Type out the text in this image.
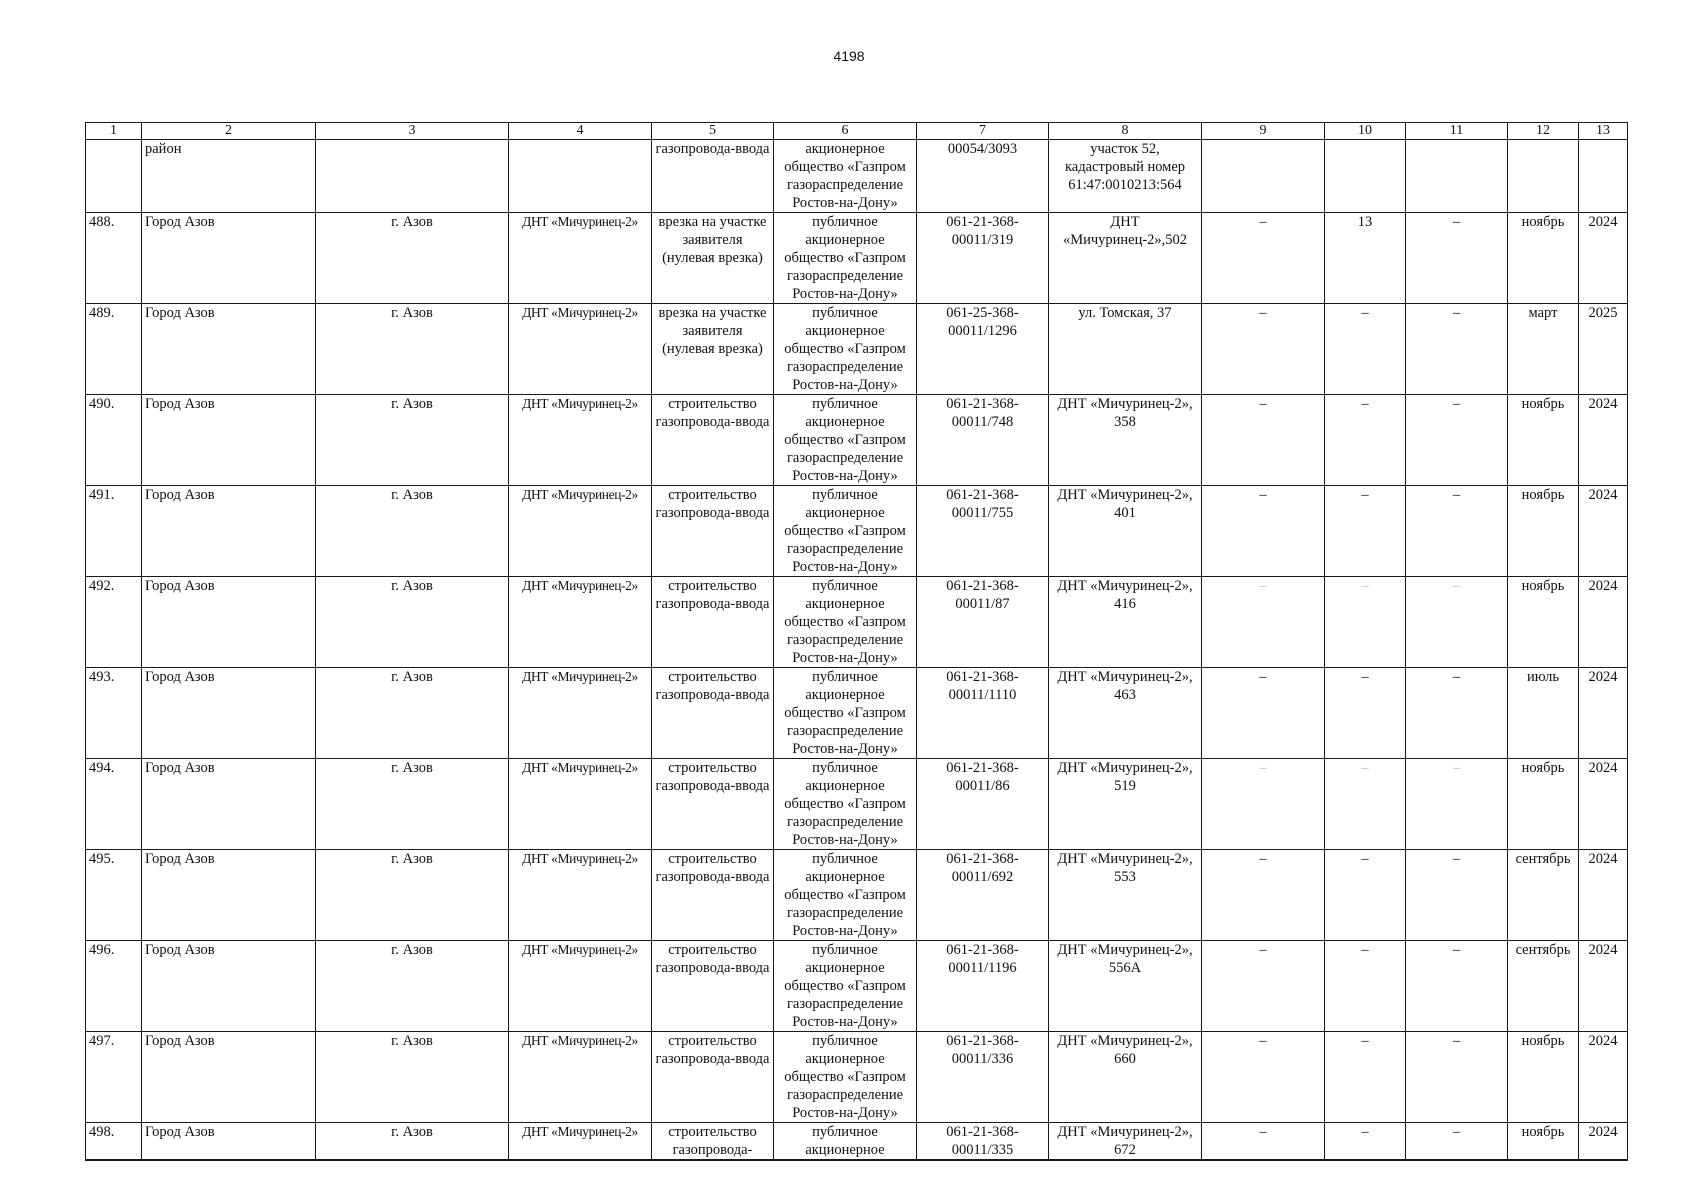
4198
1	2	3	4	5	6	7	8	9	10	11	12	13
	район			газопровода-ввода	акционерное общество «Газпром газораспределение Ростов-на-Дону»	00054/3093	участок 52, кадастровый номер 61:47:0010213:564					
488.	Город Азов	г. Азов	ДНТ «Мичуринец-2»	врезка на участке заявителя (нулевая врезка)	публичное акционерное общество «Газпром газораспределение Ростов-на-Дону»	061-21-368-00011/319	ДНТ «Мичуринец-2»,502	–	13	–	ноябрь	2024
489.	Город Азов	г. Азов	ДНТ «Мичуринец-2»	врезка на участке заявителя (нулевая врезка)	публичное акционерное общество «Газпром газораспределение Ростов-на-Дону»	061-25-368-00011/1296	ул. Томская, 37	–	–	–	март	2025
490.	Город Азов	г. Азов	ДНТ «Мичуринец-2»	строительство газопровода-ввода	публичное акционерное общество «Газпром газораспределение Ростов-на-Дону»	061-21-368-00011/748	ДНТ «Мичуринец-2», 358	–	–	–	ноябрь	2024
491.	Город Азов	г. Азов	ДНТ «Мичуринец-2»	строительство газопровода-ввода	публичное акционерное общество «Газпром газораспределение Ростов-на-Дону»	061-21-368-00011/755	ДНТ «Мичуринец-2», 401	–	–	–	ноябрь	2024
492.	Город Азов	г. Азов	ДНТ «Мичуринец-2»	строительство газопровода-ввода	публичное акционерное общество «Газпром газораспределение Ростов-на-Дону»	061-21-368-00011/87	ДНТ «Мичуринец-2», 416	–	–	–	ноябрь	2024
493.	Город Азов	г. Азов	ДНТ «Мичуринец-2»	строительство газопровода-ввода	публичное акционерное общество «Газпром газораспределение Ростов-на-Дону»	061-21-368-00011/1110	ДНТ «Мичуринец-2», 463	–	–	–	июль	2024
494.	Город Азов	г. Азов	ДНТ «Мичуринец-2»	строительство газопровода-ввода	публичное акционерное общество «Газпром газораспределение Ростов-на-Дону»	061-21-368-00011/86	ДНТ «Мичуринец-2», 519	–	–	–	ноябрь	2024
495.	Город Азов	г. Азов	ДНТ «Мичуринец-2»	строительство газопровода-ввода	публичное акционерное общество «Газпром газораспределение Ростов-на-Дону»	061-21-368-00011/692	ДНТ «Мичуринец-2», 553	–	–	–	сентябрь	2024
496.	Город Азов	г. Азов	ДНТ «Мичуринец-2»	строительство газопровода-ввода	публичное акционерное общество «Газпром газораспределение Ростов-на-Дону»	061-21-368-00011/1196	ДНТ «Мичуринец-2», 556А	–	–	–	сентябрь	2024
497.	Город Азов	г. Азов	ДНТ «Мичуринец-2»	строительство газопровода-ввода	публичное акционерное общество «Газпром газораспределение Ростов-на-Дону»	061-21-368-00011/336	ДНТ «Мичуринец-2», 660	–	–	–	ноябрь	2024
498.	Город Азов	г. Азов	ДНТ «Мичуринец-2»	строительство газопровода-	публичное акционерное	061-21-368-00011/335	ДНТ «Мичуринец-2», 672	–	–	–	ноябрь	2024
